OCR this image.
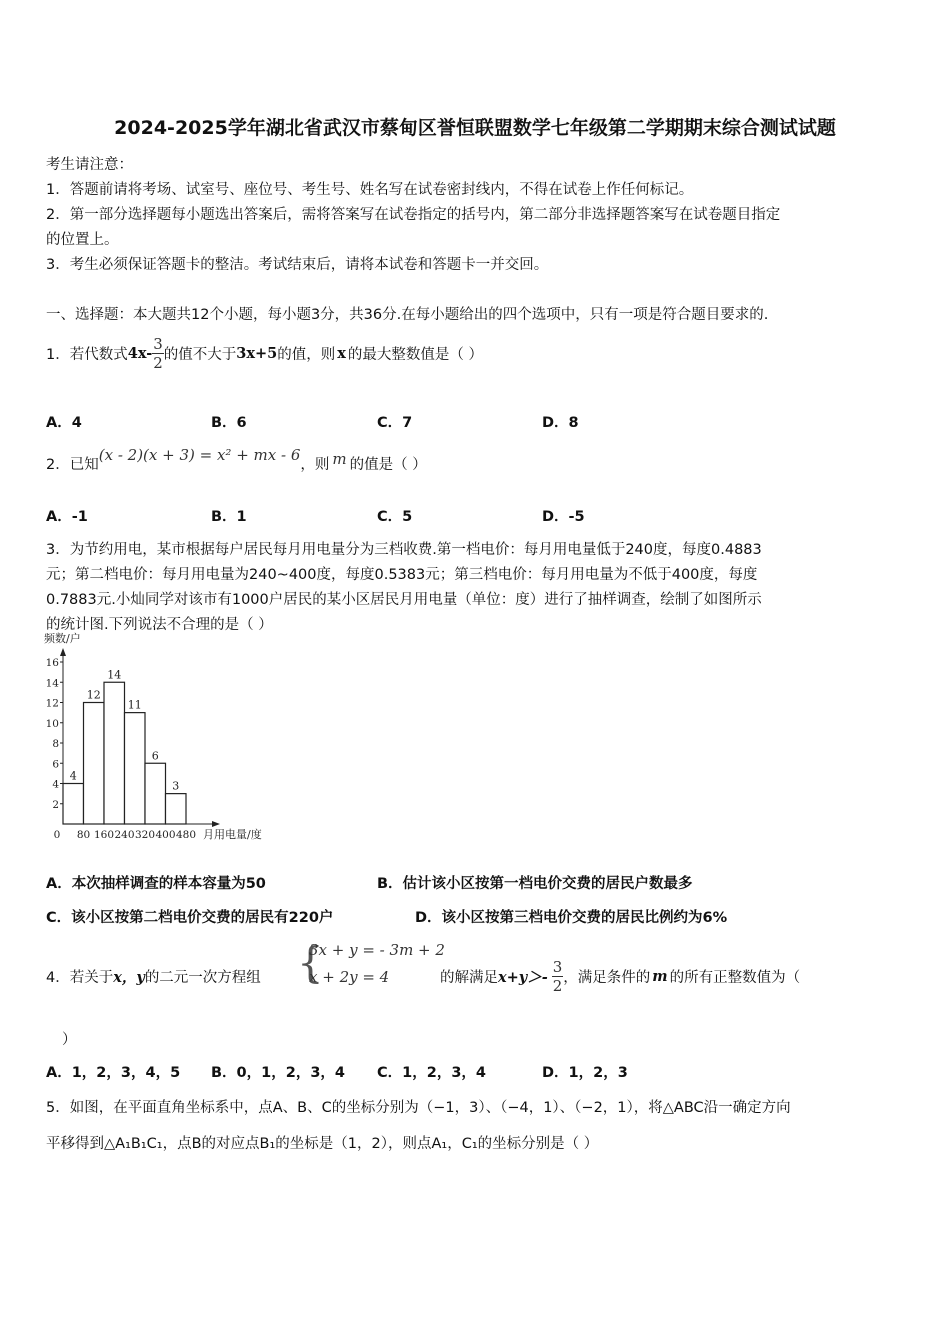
2024-2025学年湖北省武汉市蔡甸区誉恒联盟数学七年级第二学期期末综合测试试题
考生请注意：
1．答题前请将考场、试室号、座位号、考生号、姓名写在试卷密封线内，不得在试卷上作任何标记。
2．第一部分选择题每小题选出答案后，需将答案写在试卷指定的括号内，第二部分非选择题答案写在试卷题目指定
的位置上。
3．考生必须保证答题卡的整洁。考试结束后，请将本试卷和答题卡一并交回。
一、选择题：本大题共12个小题，每小题3分，共36分.在每小题给出的四个选项中，只有一项是符合题目要求的.
1．若代数式 $4x- \frac{3}{2}$ 的值不大于 3x+5 的值，则 x 的最大整数值是（ ）
A．4	B．6	C．7	D．8
2．已知
(x - 2)(x + 3) = x² + mx - 6
，则 m 的值是（ ）
A．-1	B．1	C．5	D．-5
3．为节约用电，某市根据每户居民每月用电量分为三档收费.第一档电价：每月用电量低于240度，每度0.4883
元；第二档电价：每月用电量为240~400度，每度0.5383元；第三档电价：每月用电量为不低于400度，每度
0.7883元.小灿同学对该市有1000户居民的某小区居民月用电量（单位：度）进行了抽样调查，绘制了如图所示
的统计图.下列说法不合理的是（ ）
频数/户
2
4
6
8
10
12
14
16
0 80 160 240 320 400 480
4
12
14
11
6
3
月用电量/度
A．本次抽样调查的样本容量为50	B．估计该小区按第一档电价交费的居民户数最多
C．该小区按第二档电价交费的居民有220户	D．该小区按第三档电价交费的居民比例约为6%
4．若关于x，y的二元一次方程组 {
3x + y = - 3m + 2
x + 2y = 4	的解满足 $x+y>- \frac{3}{2}$ ，满足条件的 m 的所有正整数值为（
）
A．1，2，3，4，5 B．0，1，2，3，4 C．1，2，3，4	D．1，2，3
5．如图，在平面直角坐标系中，点A、B、C的坐标分别为（−1，3）、（−4，1）、（−2，1），将△ABC沿一确定方向
平移得到△A₁B₁C₁，点B的对应点B₁的坐标是（1，2），则点A₁，C₁的坐标分别是（ ）
